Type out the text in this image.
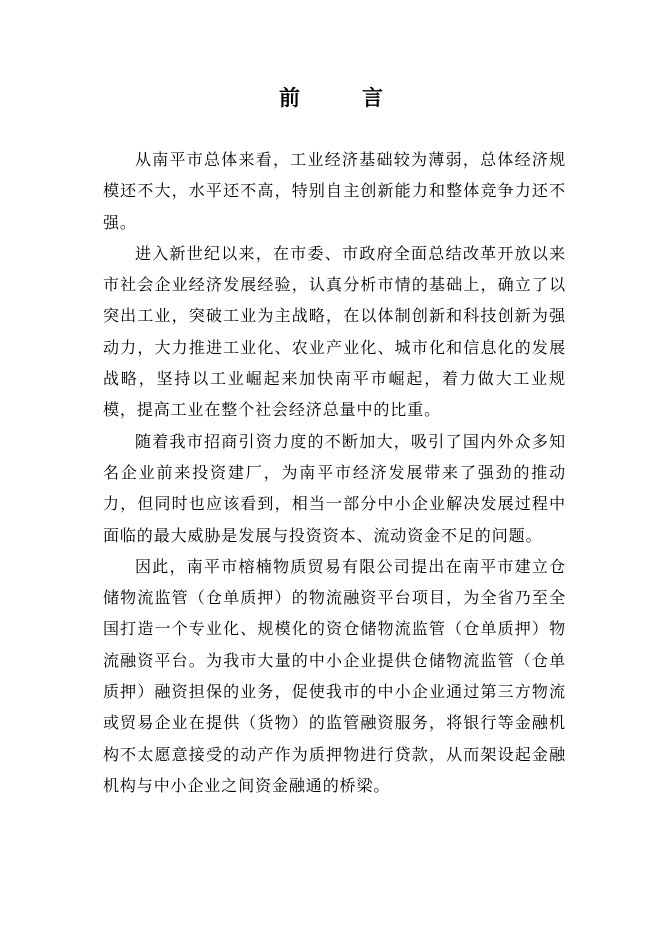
前	言

从南平市总体来看，工业经济基础较为薄弱，总体经济规模还不大，水平还不高，特别自主创新能力和整体竞争力还不强。

进入新世纪以来，在市委、市政府全面总结改革开放以来市社会企业经济发展经验，认真分析市情的基础上，确立了以突出工业，突破工业为主战略，在以体制创新和科技创新为强动力，大力推进工业化、农业产业化、城市化和信息化的发展战略，坚持以工业崛起来加快南平市崛起，着力做大工业规模，提高工业在整个社会经济总量中的比重。

随着我市招商引资力度的不断加大，吸引了国内外众多知名企业前来投资建厂，为南平市经济发展带来了强劲的推动力，但同时也应该看到，相当一部分中小企业解决发展过程中面临的最大威胁是发展与投资资本、流动资金不足的问题。

因此，南平市榕楠物质贸易有限公司提出在南平市建立仓储物流监管（仓单质押）的物流融资平台项目，为全省乃至全国打造一个专业化、规模化的资仓储物流监管（仓单质押）物流融资平台。为我市大量的中小企业提供仓储物流监管（仓单质押）融资担保的业务，促使我市的中小企业通过第三方物流或贸易企业在提供（货物）的监管融资服务，将银行等金融机构不太愿意接受的动产作为质押物进行贷款，从而架设起金融机构与中小企业之间资金融通的桥梁。
